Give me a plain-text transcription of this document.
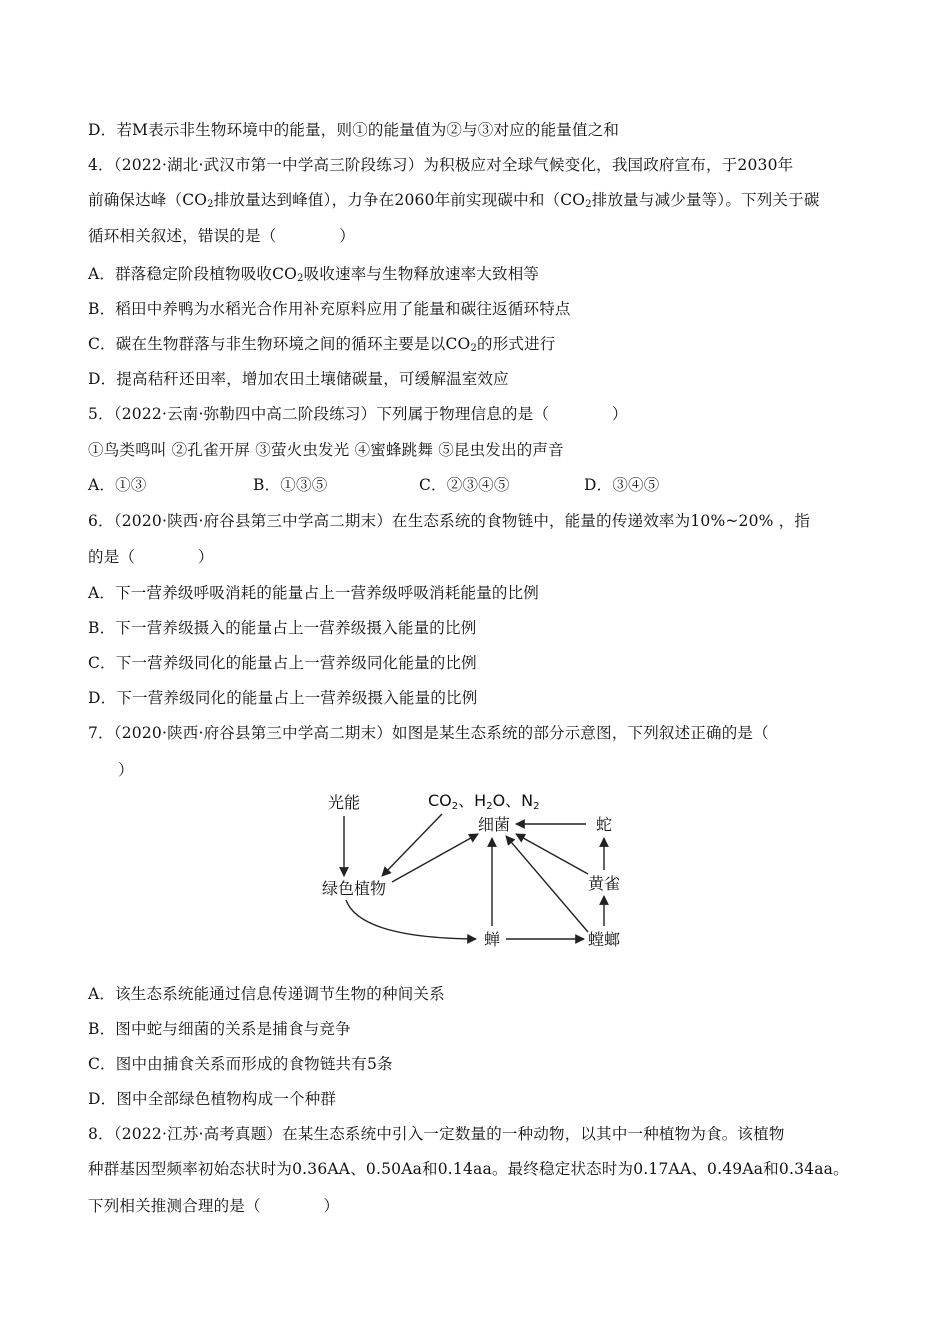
D．若M表示非生物环境中的能量，则①的能量值为②与③对应的能量值之和
4．（2022·湖北·武汉市第一中学高三阶段练习）为积极应对全球气候变化，我国政府宣布，于2030年
前确保达峰（$CO_2$排放量达到峰值），力争在2060年前实现碳中和（$CO_2$排放量与减少量等）。下列关于碳
循环相关叙述，错误的是（　　　　）
A．群落稳定阶段植物吸收$CO_2$吸收速率与生物释放速率大致相等
B．稻田中养鸭为水稻光合作用补充原料应用了能量和碳往返循环特点
C．碳在生物群落与非生物环境之间的循环主要是以$CO_2$的形式进行
D．提高秸秆还田率，增加农田土壤储碳量，可缓解温室效应
5．（2022·云南·弥勒四中高二阶段练习）下列属于物理信息的是（　　　　）
①鸟类鸣叫 ②孔雀开屏 ③萤火虫发光 ④蜜蜂跳舞 ⑤昆虫发出的声音
A．①③	B．①③⑤	C．②③④⑤	D．③④⑤
6．（2020·陕西·府谷县第三中学高二期末）在生态系统的食物链中，能量的传递效率为10%~20% ，指
的是（　　　　）
A．下一营养级呼吸消耗的能量占上一营养级呼吸消耗能量的比例
B．下一营养级摄入的能量占上一营养级摄入能量的比例
C．下一营养级同化的能量占上一营养级同化能量的比例
D．下一营养级同化的能量占上一营养级摄入能量的比例
7．（2020·陕西·府谷县第三中学高二期末）如图是某生态系统的部分示意图，下列叙述正确的是（
）
光能	CO2、H2O、N2
细菌	蛇
绿色植物	黄雀
蝉	螳螂
A．该生态系统能通过信息传递调节生物的种间关系
B．图中蛇与细菌的关系是捕食与竞争
C．图中由捕食关系而形成的食物链共有5条
D．图中全部绿色植物构成一个种群
8．（2022·江苏·高考真题）在某生态系统中引入一定数量的一种动物，以其中一种植物为食。该植物
种群基因型频率初始态状时为0.36AA、0.50Aa和0.14aa。最终稳定状态时为0.17AA、0.49Aa和0.34aa。
下列相关推测合理的是（　　　　）
